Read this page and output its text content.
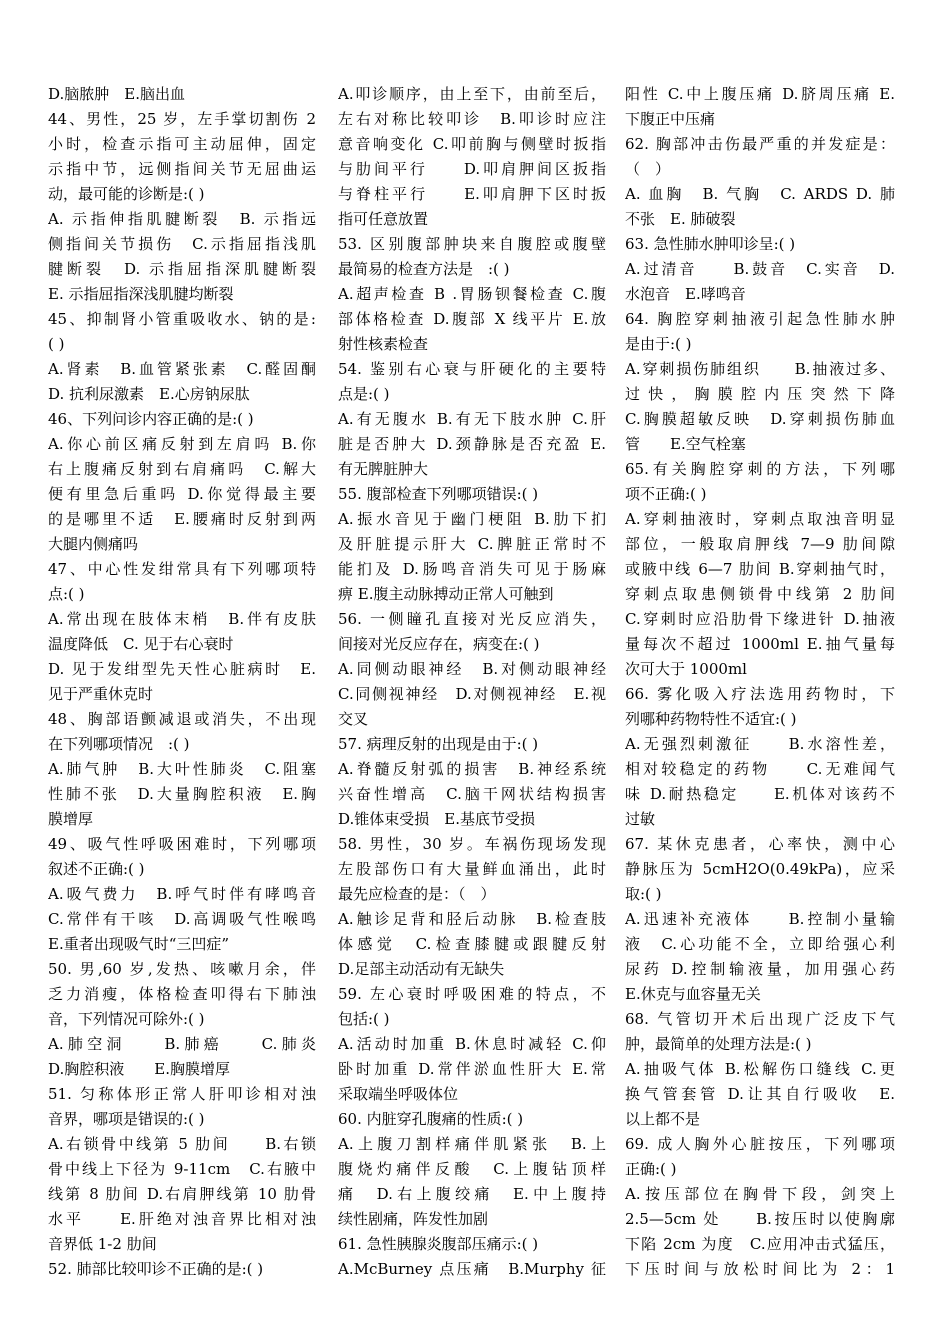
D.脑脓肿　E.脑出血
44、男性，25 岁，左手掌切割伤 2
小时，检查示指可主动屈伸，固定
示指中节，远侧指间关节无屈曲运
动，最可能的诊断是:( )
A. 示指伸指肌腱断裂　B. 示指远
侧指间关节损伤　C.示指屈指浅肌
腱断裂　D. 示指屈指深肌腱断裂
E. 示指屈指深浅肌腱均断裂
45、抑制肾小管重吸收水、钠的是:
( )
A.肾素　B.血管紧张素　C.醛固酮
D. 抗利尿激素　E.心房钠尿肽
46、下列问诊内容正确的是:( )
A.你心前区痛反射到左肩吗 B.你
右上腹痛反射到右肩痛吗　C.解大
便有里急后重吗 D.你觉得最主要
的是哪里不适　E.腰痛时反射到两
大腿内侧痛吗
47、中心性发绀常具有下列哪项特
点:( )
A.常出现在肢体末梢　B.伴有皮肤
温度降低　C. 见于右心衰时
D. 见于发绀型先天性心脏病时　E.
见于严重休克时
48、胸部语颤减退或消失，不出现
在下列哪项情况　:( )
A.肺气肿　B.大叶性肺炎　C.阻塞
性肺不张　D.大量胸腔积液　E.胸
膜增厚
49、吸气性呼吸困难时，下列哪项
叙述不正确:( )
A.吸气费力　B.呼气时伴有哮鸣音
C.常伴有干咳　D.高调吸气性喉鸣
E.重者出现吸气时“三凹症”
50. 男,60 岁,发热、咳嗽月余，伴
乏力消瘦，体格检查叩得右下肺浊
音，下列情况可除外:( )
A.肺空洞　　B.肺癌　　C.肺炎
D.胸腔积液　　E.胸膜增厚
51. 匀称体形正常人肝叩诊相对浊
音界，哪项是错误的:( )
A.右锁骨中线第 5 肋间　　B.右锁
骨中线上下径为 9-11cm　C.右腋中
线第 8 肋间 D.右肩胛线第 10 肋骨
水平　　E.肝绝对浊音界比相对浊
音界低 1-2 肋间
52. 肺部比较叩诊不正确的是:( )
A.叩诊顺序，由上至下，由前至后，
左右对称比较叩诊　B.叩诊时应注
意音响变化 C.叩前胸与侧壁时扳指
与肋间平行　　D.叩肩胛间区扳指
与脊柱平行　　E.叩肩胛下区时扳
指可任意放置
53. 区别腹部肿块来自腹腔或腹壁
最简易的检查方法是　:( )
A.超声检查 B .胃肠钡餐检查 C.腹
部体格检查 D.腹部 X 线平片 E.放
射性核素检查
54. 鉴别右心衰与肝硬化的主要特
点是:( )
A.有无腹水 B.有无下肢水肿 C.肝
脏是否肿大 D.颈静脉是否充盈 E.
有无脾脏肿大
55. 腹部检查下列哪项错误:( )
A.振水音见于幽门梗阻 B.肋下扪
及肝脏提示肝大 C.脾脏正常时不
能扪及 D.肠鸣音消失可见于肠麻
痹 E.腹主动脉搏动正常人可触到
56. 一侧瞳孔直接对光反应消失，
间接对光反应存在，病变在:( )
A.同侧动眼神经　B.对侧动眼神经
C.同侧视神经　D.对侧视神经　E.视
交叉
57. 病理反射的出现是由于:( )
A.脊髓反射弧的损害　B.神经系统
兴奋性增高　C.脑干网状结构损害
D.锥体束受损　E.基底节受损
58. 男性，30 岁。车祸伤现场发现
左股部伤口有大量鲜血涌出，此时
最先应检查的是：（　）
A.触诊足背和胫后动脉　B.检查肢
体感觉　C.检查膝腱或跟腱反射
D.足部主动活动有无缺失
59. 左心衰时呼吸困难的特点，不
包括:( )
A.活动时加重 B.休息时减轻 C.仰
卧时加重 D.常伴淤血性肝大 E.常
采取端坐呼吸体位
60. 内脏穿孔腹痛的性质:( )
A.上腹刀割样痛伴肌紧张　B.上
腹烧灼痛伴反酸　C.上腹钻顶样
痛　D.右上腹绞痛　E.中上腹持
续性剧痛，阵发性加剧
61. 急性胰腺炎腹部压痛示:( )
A.McBurney 点压痛　B.Murphy 征
阳性 C.中上腹压痛 D.脐周压痛 E.
下腹正中压痛
62. 胸部冲击伤最严重的并发症是：
（　）
A. 血胸　B. 气胸　C. ARDS D. 肺
不张　E. 肺破裂
63. 急性肺水肿叩诊呈:( )
A.过清音　　B.鼓音　C.实音　D.
水泡音　E.哮鸣音
64. 胸腔穿刺抽液引起急性肺水肿
是由于:( )
A.穿刺损伤肺组织　　B.抽液过多、
过快，胸膜腔内压突然下降
C.胸膜超敏反映　D.穿刺损伤肺血
管　　E.空气栓塞
65.有关胸腔穿刺的方法，下列哪
项不正确:( )
A.穿刺抽液时，穿刺点取浊音明显
部位，一般取肩胛线 7—9 肋间隙
或腋中线 6—7 肋间 B.穿刺抽气时，
穿刺点取患侧锁骨中线第 2 肋间
C.穿刺时应沿肋骨下缘进针 D.抽液
量每次不超过 1000ml E.抽气量每
次可大于 1000ml
66. 雾化吸入疗法选用药物时，下
列哪种药物特性不适宜:( )
A.无强烈刺激征　　B.水溶性差，
相对较稳定的药物　　C.无难闻气
味 D.耐热稳定　　E.机体对该药不
过敏
67. 某休克患者，心率快，测中心
静脉压为 5cmH2O(0.49kPa)，应采
取:( )
A.迅速补充液体　　B.控制小量输
液　C.心功能不全，立即给强心利
尿药 D.控制输液量，加用强心药
E.休克与血容量无关
68. 气管切开术后出现广泛皮下气
肿，最简单的处理方法是:( )
A.抽吸气体 B.松解伤口缝线 C.更
换气管套管 D.让其自行吸收　E.
以上都不是
69. 成人胸外心脏按压，下列哪项
正确:( )
A.按压部位在胸骨下段，剑突上
2.5—5cm 处　　B.按压时以使胸廓
下陷 2cm 为度　C.应用冲击式猛压，
下压时间与放松时间比为 2：1
